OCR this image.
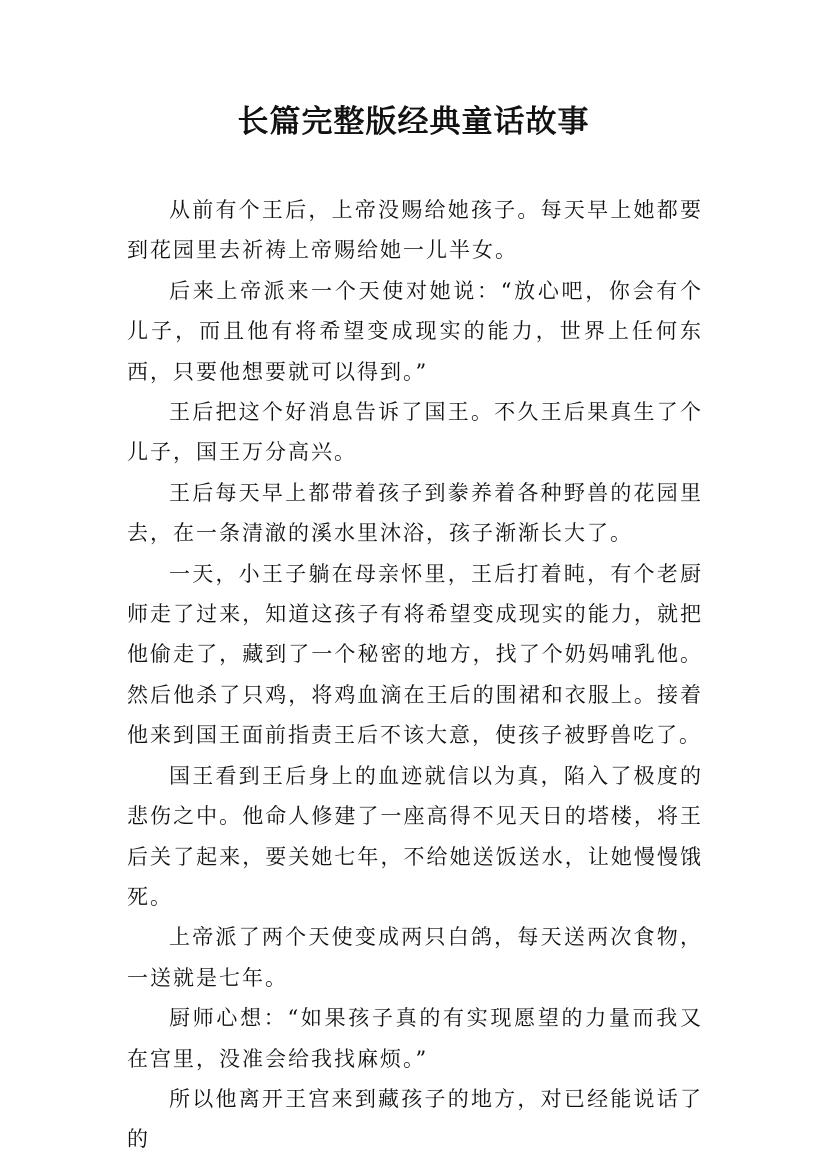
长篇完整版经典童话故事

从前有个王后，上帝没赐给她孩子。每天早上她都要到花园里去祈祷上帝赐给她一儿半女。

后来上帝派来一个天使对她说：“放心吧，你会有个儿子，而且他有将希望变成现实的能力，世界上任何东西，只要他想要就可以得到。”

王后把这个好消息告诉了国王。不久王后果真生了个儿子，国王万分高兴。

王后每天早上都带着孩子到豢养着各种野兽的花园里去，在一条清澈的溪水里沐浴，孩子渐渐长大了。

一天，小王子躺在母亲怀里，王后打着盹，有个老厨师走了过来，知道这孩子有将希望变成现实的能力，就把他偷走了，藏到了一个秘密的地方，找了个奶妈哺乳他。然后他杀了只鸡，将鸡血滴在王后的围裙和衣服上。接着他来到国王面前指责王后不该大意，使孩子被野兽吃了。

国王看到王后身上的血迹就信以为真，陷入了极度的悲伤之中。他命人修建了一座高得不见天日的塔楼，将王后关了起来，要关她七年，不给她送饭送水，让她慢慢饿死。

上帝派了两个天使变成两只白鸽，每天送两次食物，一送就是七年。

厨师心想：“如果孩子真的有实现愿望的力量而我又在宫里，没准会给我找麻烦。”

所以他离开王宫来到藏孩子的地方，对已经能说话了的
